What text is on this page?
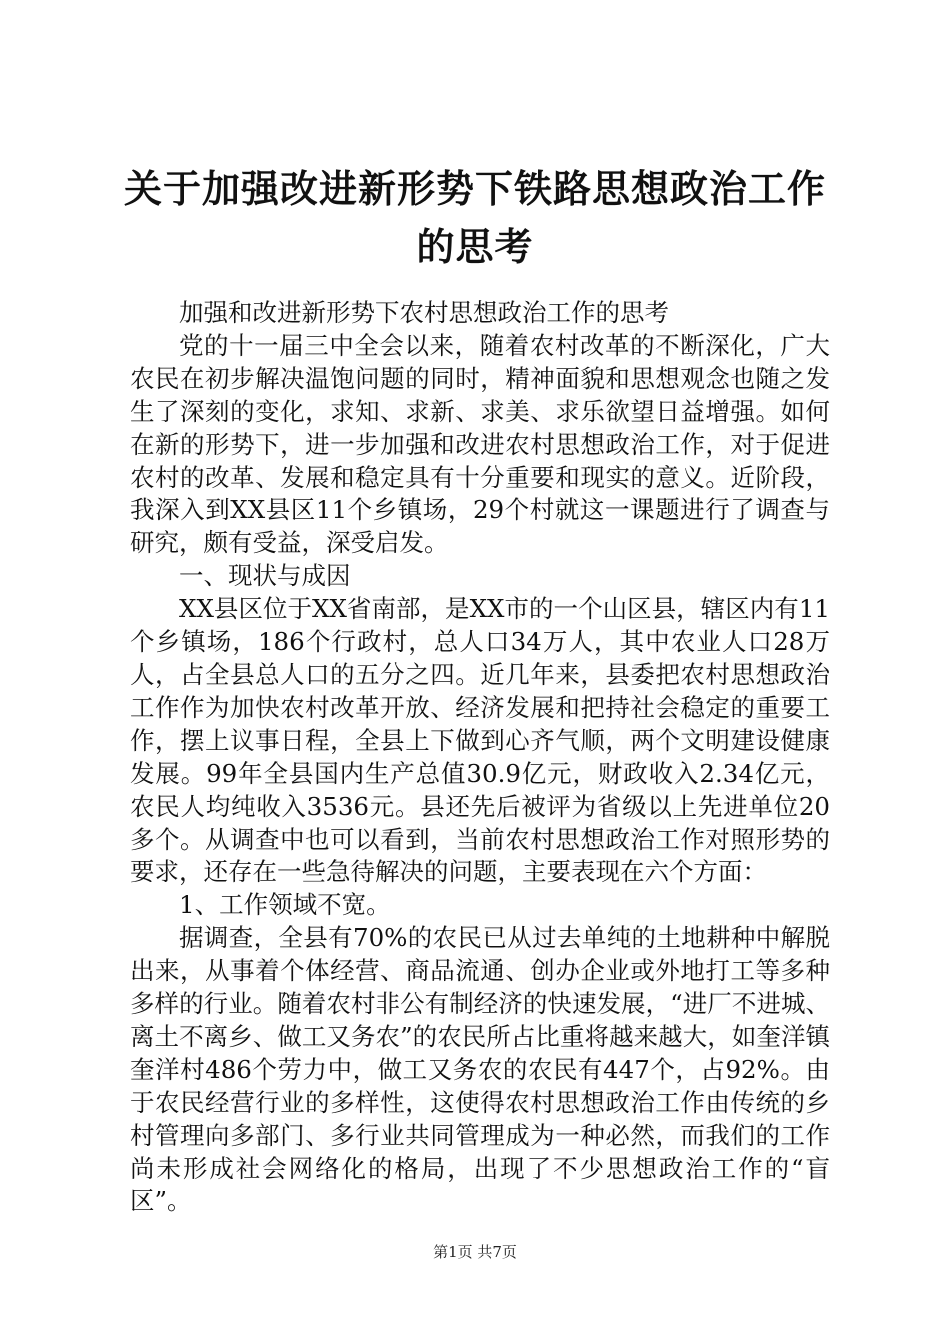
关于加强改进新形势下铁路思想政治工作的思考

加强和改进新形势下农村思想政治工作的思考

党的十一届三中全会以来，随着农村改革的不断深化，广大农民在初步解决温饱问题的同时，精神面貌和思想观念也随之发生了深刻的变化，求知、求新、求美、求乐欲望日益增强。如何在新的形势下，进一步加强和改进农村思想政治工作，对于促进农村的改革、发展和稳定具有十分重要和现实的意义。近阶段，我深入到XX县区11个乡镇场，29个村就这一课题进行了调查与研究，颇有受益，深受启发。

一、现状与成因

XX县区位于XX省南部，是XX市的一个山区县，辖区内有11个乡镇场，186个行政村，总人口34万人，其中农业人口28万人，占全县总人口的五分之四。近几年来，县委把农村思想政治工作作为加快农村改革开放、经济发展和把持社会稳定的重要工作，摆上议事日程，全县上下做到心齐气顺，两个文明建设健康发展。99年全县国内生产总值30.9亿元，财政收入2.34亿元，农民人均纯收入3536元。县还先后被评为省级以上先进单位20多个。从调查中也可以看到，当前农村思想政治工作对照形势的要求，还存在一些急待解决的问题，主要表现在六个方面：

1、工作领域不宽。

据调查，全县有70%的农民已从过去单纯的土地耕种中解脱出来，从事着个体经营、商品流通、创办企业或外地打工等多种多样的行业。随着农村非公有制经济的快速发展，“进厂不进城、离土不离乡、做工又务农”的农民所占比重将越来越大，如奎洋镇奎洋村486个劳力中，做工又务农的农民有447个，占92%。由于农民经营行业的多样性，这使得农村思想政治工作由传统的乡村管理向多部门、多行业共同管理成为一种必然，而我们的工作尚未形成社会网络化的格局，出现了不少思想政治工作的“盲区”。

第1页 共7页
